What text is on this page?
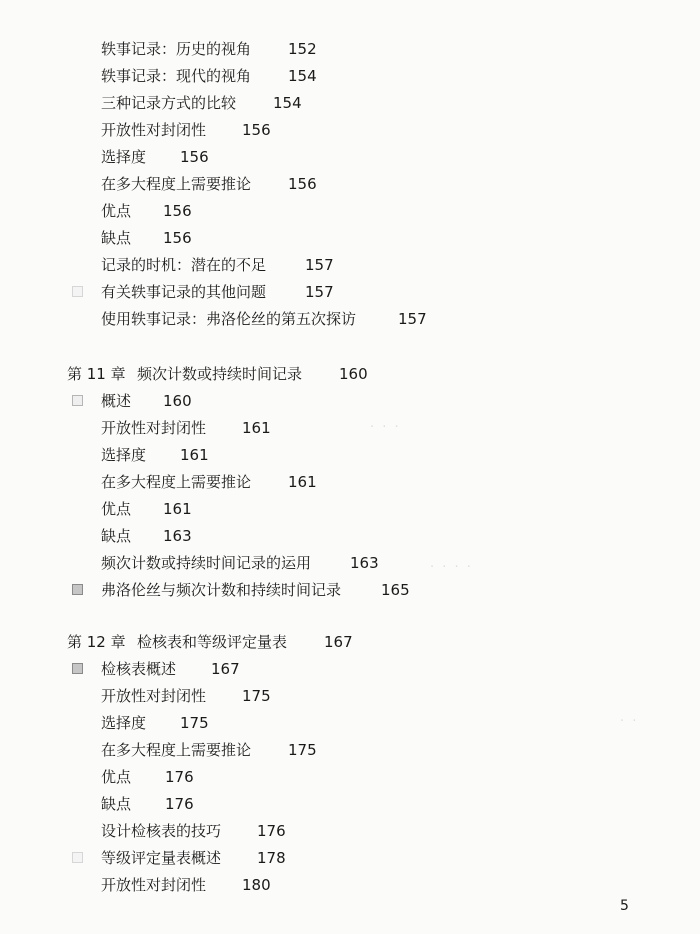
· · ·
· · · ·
· ·
轶事记录：历史的视角 152
轶事记录：现代的视角 154
三种记录方式的比较 154
开放性对封闭性 156
选择度 156
在多大程度上需要推论 156
优点 156
缺点 156
记录的时机：潜在的不足	157
有关轶事记录的其他问题	157
使用轶事记录：弗洛伦丝的第五次探访	157
第 11 章 频次计数或持续时间记录 160
概述 160
开放性对封闭性 161
选择度 161
在多大程度上需要推论 161
优点 161
缺点 163
频次计数或持续时间记录的运用	163
弗洛伦丝与频次计数和持续时间记录	165
第 12 章 检核表和等级评定量表 167
检核表概述 167
开放性对封闭性 175
选择度 175
在多大程度上需要推论 175
优点 176
缺点 176
设计检核表的技巧 176
等级评定量表概述 178
开放性对封闭性 180
5
